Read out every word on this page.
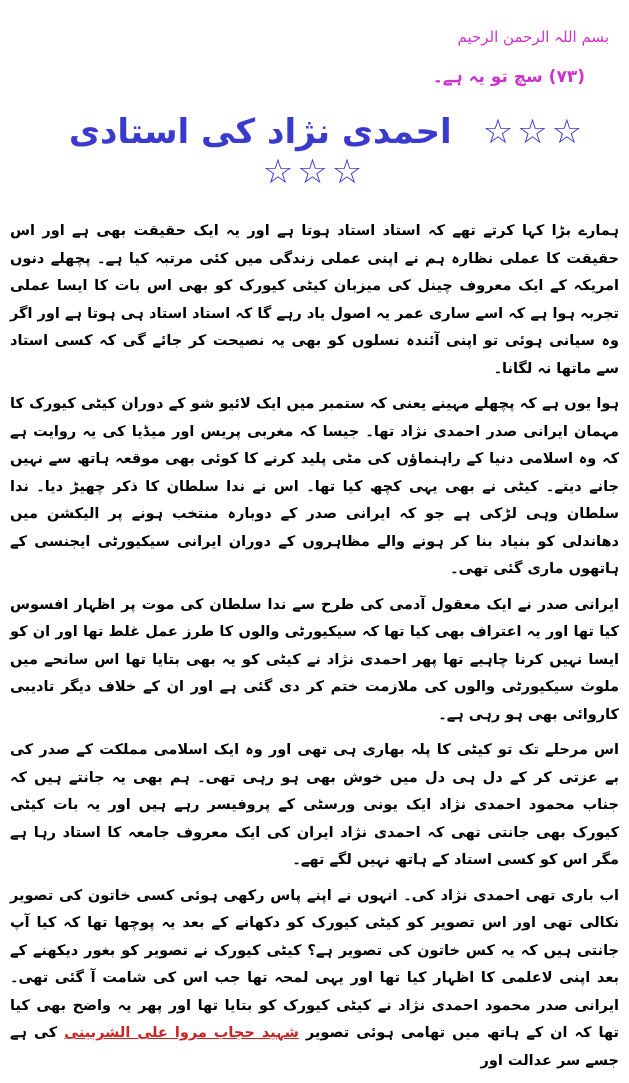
بسم اللہ الرحمن الرحیم
(٧٣) سچ تو یہ ہے۔
☆☆☆ احمدی نژاد کی استادی ☆☆☆

ہمارے بڑا کہا کرتے تھے کہ استاد استاد ہوتا ہے اور یہ ایک حقیقت بھی ہے اور اس حقیقت کا عملی نظارہ ہم نے اپنی عملی زندگی میں کئی مرتبہ کیا ہے۔ پچھلے دنوں امریکہ کے ایک معروف چینل کی میزبان کیٹی کیورک کو بھی اس بات کا ایسا عملی تجربہ ہوا ہے کہ اسے ساری عمر یہ اصول یاد رہے گا کہ استاد استاد ہی ہوتا ہے اور اگر وہ سیانی ہوئی تو اپنی آئندہ نسلوں کو بھی یہ نصیحت کر جائے گی کہ کسی استاد سے ماتھا نہ لگانا۔

ہوا یوں ہے کہ پچھلے مہینے یعنی کہ ستمبر میں ایک لائیو شو کے دوران کیٹی کیورک کا مہمان ایرانی صدر احمدی نژاد تھا۔ جیسا کہ مغربی پریس اور میڈیا کی یہ روایت ہے کہ وہ اسلامی دنیا کے راہنماؤں کی مٹی پلید کرنے کا کوئی بھی موقعہ ہاتھ سے نہیں جانے دیتے۔ کیٹی نے بھی یہی کچھ کیا تھا۔ اس نے ندا سلطان کا ذکر چھیڑ دیا۔ ندا سلطان وہی لڑکی ہے جو کہ ایرانی صدر کے دوبارہ منتخب ہونے پر الیکشن میں دھاندلی کو بنیاد بنا کر ہونے والے مظاہروں کے دوران ایرانی سیکیورٹی ایجنسی کے ہاتھوں ماری گئی تھی۔

ایرانی صدر نے ایک معقول آدمی کی طرح سے ندا سلطان کی موت پر اظہار افسوس کیا تھا اور یہ اعتراف بھی کیا تھا کہ سیکیورٹی والوں کا طرز عمل غلط تھا اور ان کو ایسا نہیں کرنا چاہیے تھا پھر احمدی نژاد نے کیٹی کو یہ بھی بتایا تھا اس سانحے میں ملوث سیکیورٹی والوں کی ملازمت ختم کر دی گئی ہے اور ان کے خلاف دیگر تادیبی کاروائی بھی ہو رہی ہے۔

اس مرحلے تک تو کیٹی کا پلہ بھاری ہی تھی اور وہ ایک اسلامی مملکت کے صدر کی بے عزتی کر کے دل ہی دل میں خوش بھی ہو رہی تھی۔ ہم بھی یہ جانتے ہیں کہ جناب محمود احمدی نژاد ایک یونی ورسٹی کے پروفیسر رہے ہیں اور یہ بات کیٹی کیورک بھی جانتی تھی کہ احمدی نژاد ایران کی ایک معروف جامعہ کا استاد رہا ہے مگر اس کو کسی استاد کے ہاتھ نہیں لگے تھے۔

اب باری تھی احمدی نژاد کی۔ انہوں نے اپنے پاس رکھی ہوئی کسی خاتون کی تصویر نکالی تھی اور اس تصویر کو کیٹی کیورک کو دکھانے کے بعد یہ پوچھا تھا کہ کیا آپ جانتی ہیں کہ یہ کس خاتون کی تصویر ہے؟ کیٹی کیورک نے تصویر کو بغور دیکھنے کے بعد اپنی لاعلمی کا اظہار کیا تھا اور یہی لمحہ تھا جب اس کی شامت آ گئی تھی۔ ایرانی صدر محمود احمدی نژاد نے کیٹی کیورک کو بتایا تھا اور پھر یہ واضح بھی کیا تھا کہ ان کے ہاتھ میں تھامی ہوئی تصویر شہید حجاب مروا علی الشربینی کی ہے جسے سر عدالت اور
